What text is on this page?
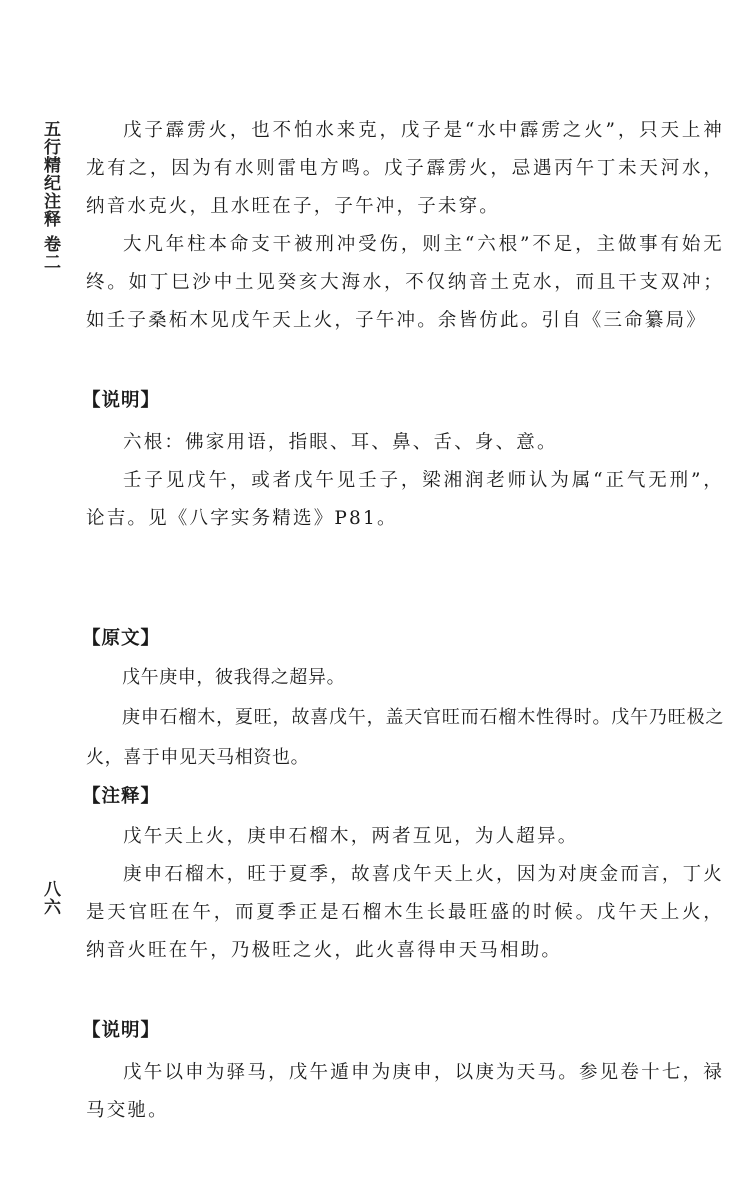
五行精纪注释 卷二
八六

戊子霹雳火，也不怕水来克，戊子是“水中霹雳之火”，只天上神龙有之，因为有水则雷电方鸣。戊子霹雳火，忌遇丙午丁未天河水，纳音水克火，且水旺在子，子午冲，子未穿。

大凡年柱本命支干被刑冲受伤，则主“六根”不足，主做事有始无终。如丁巳沙中土见癸亥大海水，不仅纳音土克水，而且干支双冲；如壬子桑柘木见戊午天上火，子午冲。余皆仿此。引自《三命纂局》

【说明】

六根：佛家用语，指眼、耳、鼻、舌、身、意。

壬子见戊午，或者戊午见壬子，梁湘润老师认为属“正气无刑”，论吉。见《八字实务精选》P81。

【原文】

戊午庚申，彼我得之超异。

庚申石榴木，夏旺，故喜戊午，盖天官旺而石榴木性得时。戊午乃旺极之火，喜于申见天马相资也。

【注释】

戊午天上火，庚申石榴木，两者互见，为人超异。

庚申石榴木，旺于夏季，故喜戊午天上火，因为对庚金而言，丁火是天官旺在午，而夏季正是石榴木生长最旺盛的时候。戊午天上火，纳音火旺在午，乃极旺之火，此火喜得申天马相助。

【说明】

戊午以申为驿马，戊午遁申为庚申，以庚为天马。参见卷十七，禄马交驰。
